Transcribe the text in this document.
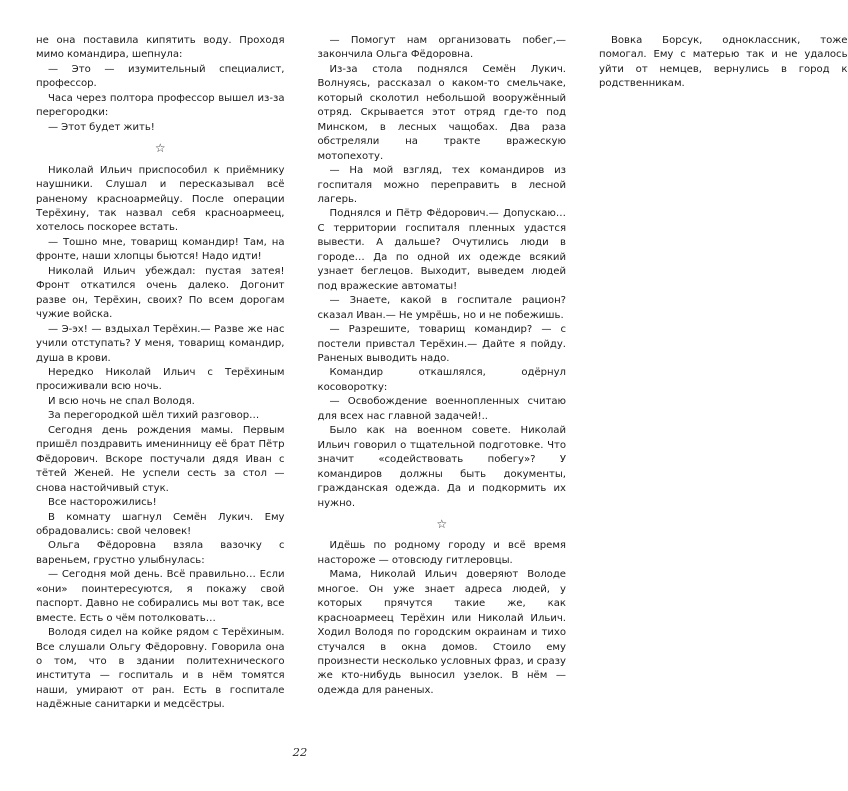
не она поставила кипятить воду. Проходя мимо командира, шепнула:

— Это — изумительный специалист, профессор.

Часа через полтора профессор вышел из-за перегородки:

— Этот будет жить!

☆

Николай Ильич приспособил к приёмнику наушники. Слушал и пересказывал всё раненому красноармейцу. После операции Терёхину, так назвал себя красноармеец, хотелось поскорее встать.

— Тошно мне, товарищ командир! Там, на фронте, наши хлопцы бьются! Надо идти!

Николай Ильич убеждал: пустая затея! Фронт откатился очень далеко. Догонит разве он, Терёхин, своих? По всем дорогам чужие войска.

— Э-эх! — вздыхал Терёхин.— Разве же нас учили отступать? У меня, товарищ командир, душа в крови.

Нередко Николай Ильич с Терёхиным просиживали всю ночь.

И всю ночь не спал Володя.

За перегородкой шёл тихий разговор…

Сегодня день рождения мамы. Первым пришёл поздравить именинницу её брат Пётр Фёдорович. Вскоре постучали дядя Иван с тётей Женей. Не успели сесть за стол — снова настойчивый стук.

Все насторожились!

В комнату шагнул Семён Лукич. Ему обрадовались: свой человек!

Ольга Фёдоровна взяла вазочку с вареньем, грустно улыбнулась:

— Сегодня мой день. Всё правильно… Если «они» поинтересуются, я покажу свой паспорт. Давно не собирались мы вот так, все вместе. Есть о чём потолковать…

Володя сидел на койке рядом с Терёхиным. Все слушали Ольгу Фёдоровну. Говорила она о том, что в здании политехнического института — госпиталь и в нём томятся наши, умирают от ран. Есть в госпитале надёжные санитарки и медсёстры.

— Помогут нам организовать побег,— закончила Ольга Фёдоровна.

Из-за стола поднялся Семён Лукич. Волнуясь, рассказал о каком-то смельчаке, который сколотил небольшой вооружённый отряд. Скрывается этот отряд где-то под Минском, в лесных чащобах. Два раза обстреляли на тракте вражескую мотопехоту.

— На мой взгляд, тех командиров из госпиталя можно переправить в лесной лагерь.

Поднялся и Пётр Фёдорович.— Допускаю… С территории госпиталя пленных удастся вывести. А дальше? Очутились люди в городе… Да по одной их одежде всякий узнает беглецов. Выходит, выведем людей под вражеские автоматы!

— Знаете, какой в госпитале рацион? сказал Иван.— Не умрёшь, но и не побежишь.

— Разрешите, товарищ командир? — с постели привстал Терёхин.— Дайте я пойду. Раненых выводить надо.

Командир откашлялся, одёрнул косоворотку:

— Освобождение военнопленных считаю для всех нас главной задачей!..

Было как на военном совете. Николай Ильич говорил о тщательной подготовке. Что значит «содействовать побегу»? У командиров должны быть документы, гражданская одежда. Да и подкормить их нужно.

☆

Идёшь по родному городу и всё время настороже — отовсюду гитлеровцы.

Мама, Николай Ильич доверяют Володе многое. Он уже знает адреса людей, у которых прячутся такие же, как красноармеец Терёхин или Николай Ильич. Ходил Володя по городским окраинам и тихо стучался в окна домов. Стоило ему произнести несколько условных фраз, и сразу же кто-нибудь выносил узелок. В нём — одежда для раненых.

Вовка Борсук, одноклассник, тоже помогал. Ему с матерью так и не удалось уйти от немцев, вернулись в город к родственникам.

22
